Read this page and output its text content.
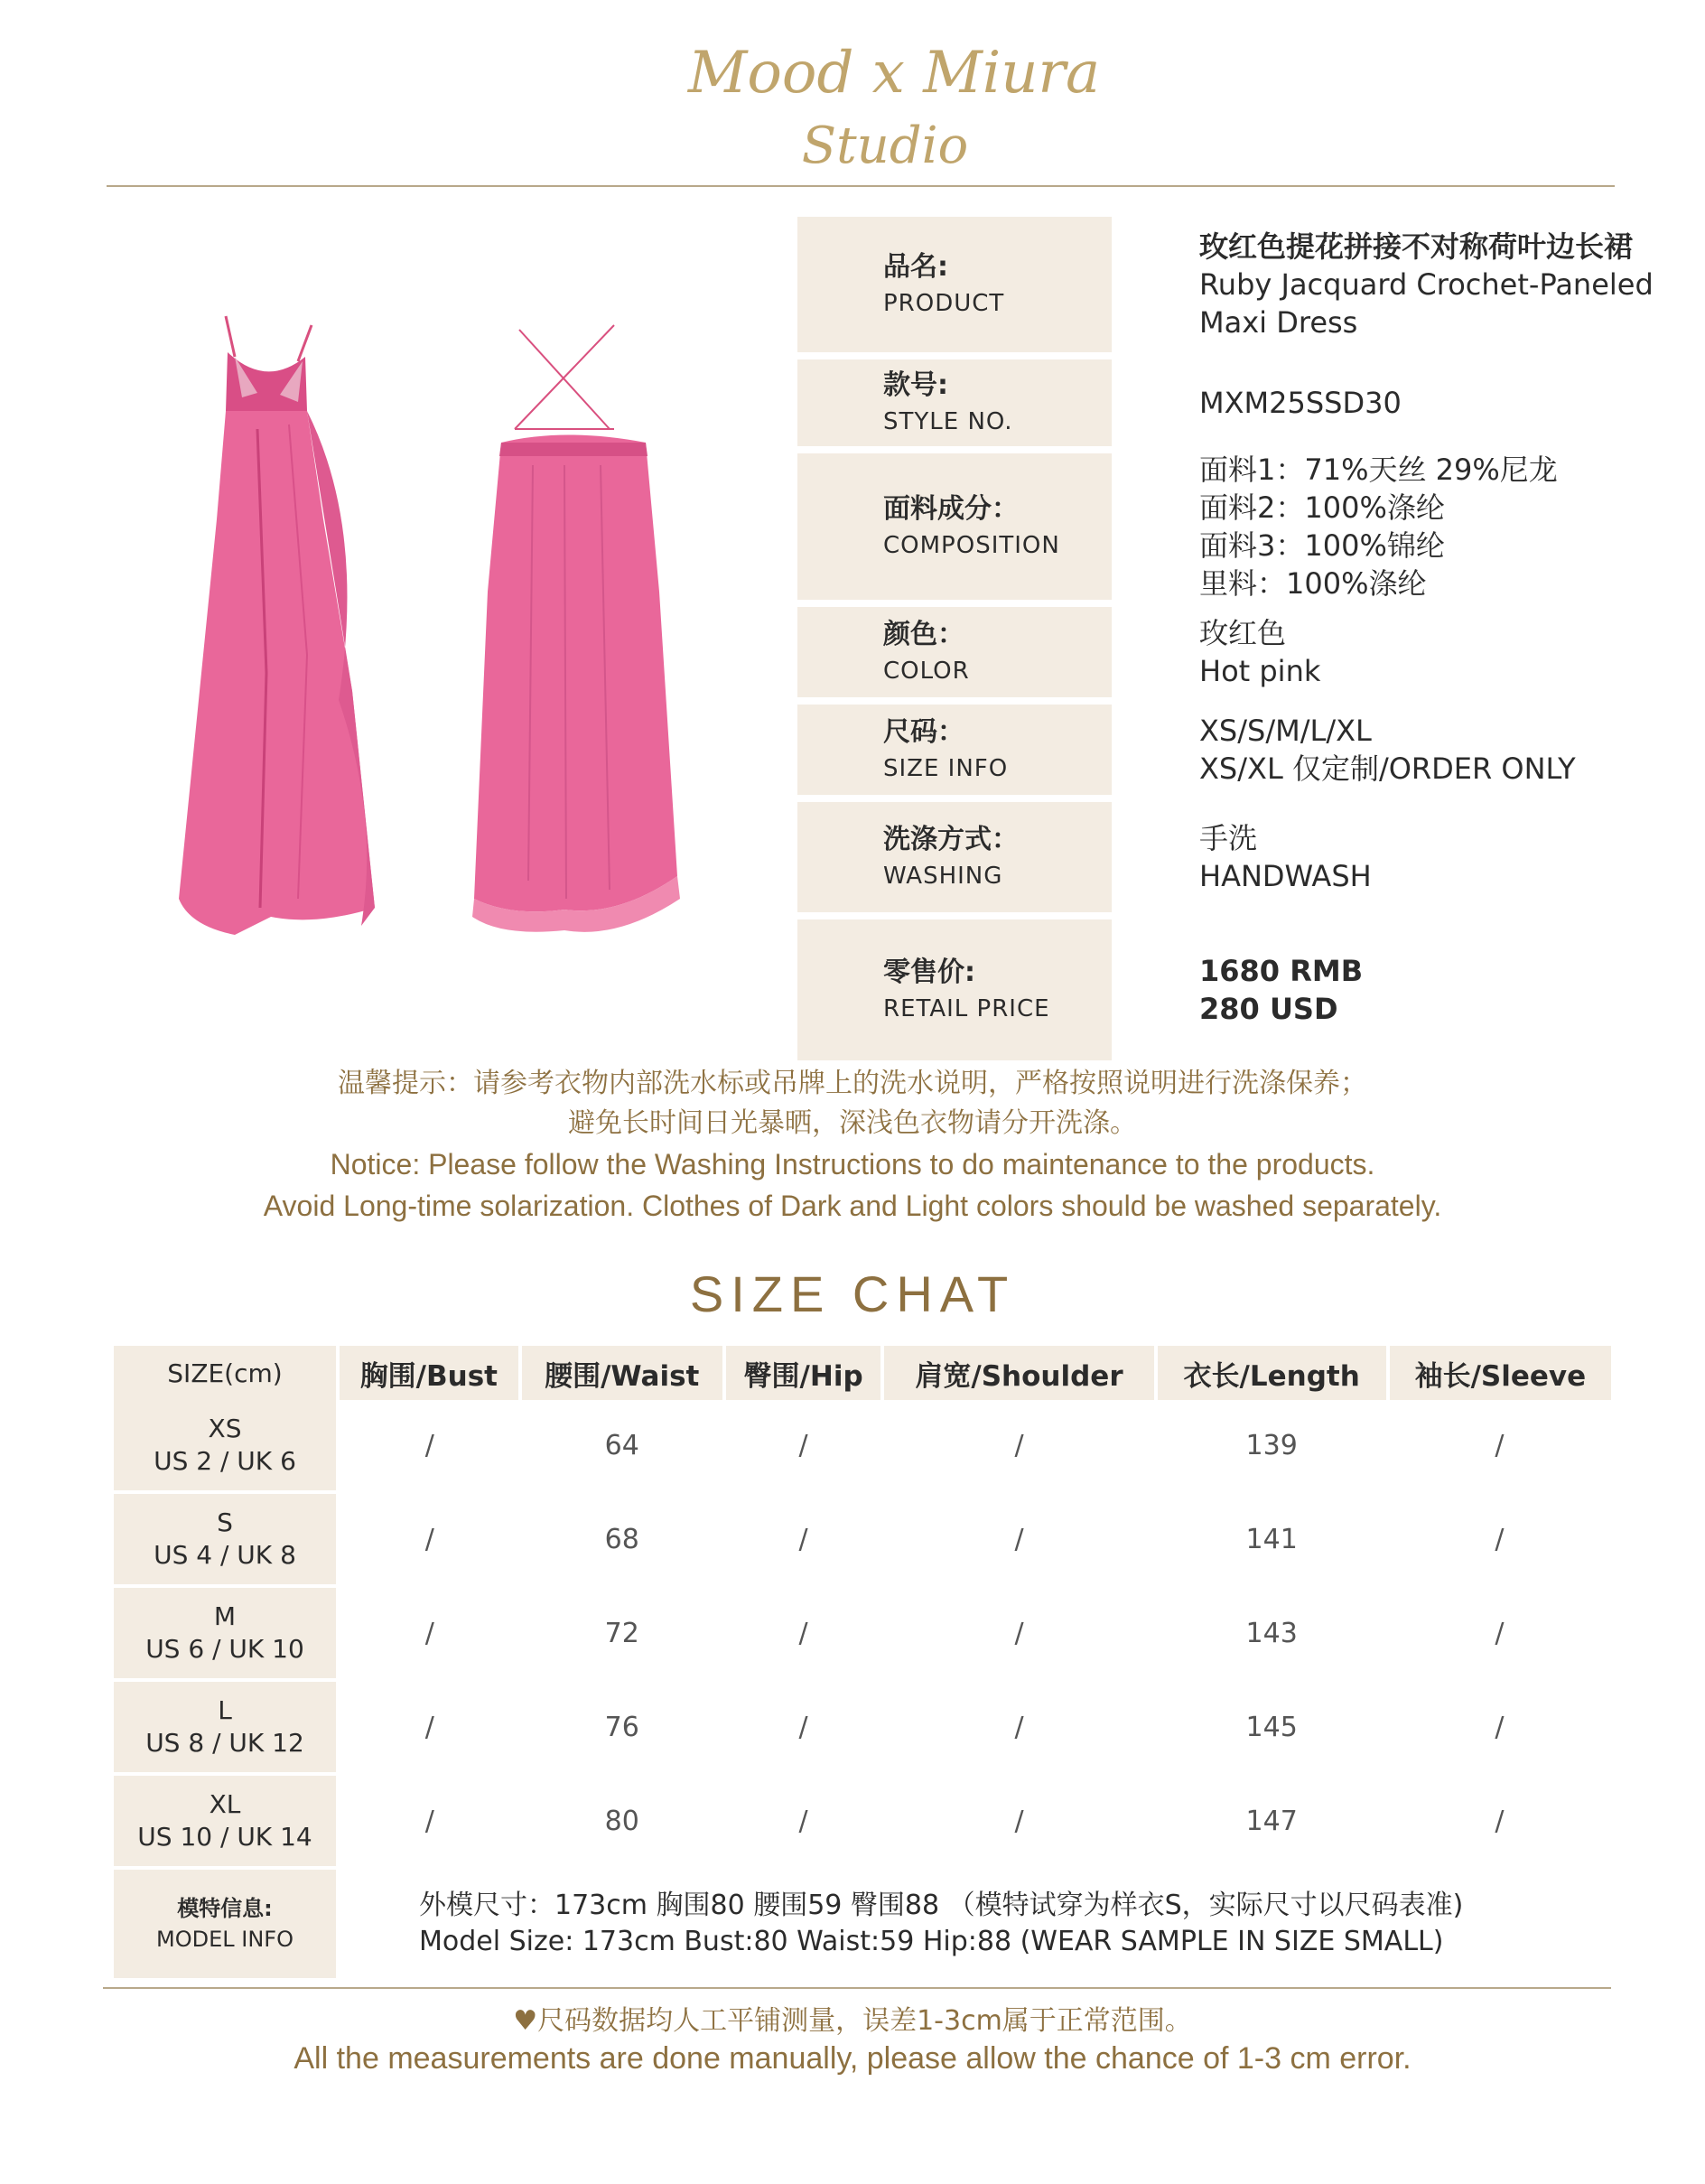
Mood x Miura
Studio
品名:
PRODUCT
玫红色提花拼接不对称荷叶边长裙
Ruby Jacquard Crochet-Paneled
Maxi Dress
款号:
STYLE NO.
MXM25SSD30
面料成分：
COMPOSITION
面料1：71%天丝 29%尼龙
面料2：100%涤纶
面料3：100%锦纶
里料：100%涤纶
颜色：
COLOR
玫红色
Hot pink
尺码：
SIZE INFO
XS/S/M/L/XL
XS/XL 仅定制/ORDER ONLY
洗涤方式：
WASHING
手洗
HANDWASH
零售价:
RETAIL PRICE
1680 RMB
280 USD
温馨提示：请参考衣物内部洗水标或吊牌上的洗水说明，严格按照说明进行洗涤保养；
避免长时间日光暴晒，深浅色衣物请分开洗涤。
Notice: Please follow the Washing Instructions to do maintenance to the products.
Avoid Long-time solarization. Clothes of Dark and Light colors should be washed separately.
SIZE CHAT
SIZE(cm)	胸围/Bust	腰围/Waist	臀围/Hip	肩宽/Shoulder	衣长/Length	袖长/Sleeve

XS
US 2 / UK 6	/	64	/	/	139	/

S
US 4 / UK 8	/	68	/	/	141	/

M
US 6 / UK 10	/	72	/	/	143	/

L
US 8 / UK 12	/	76	/	/	145	/

XL
US 10 / UK 14	/	80	/	/	147	/

模特信息:
MODEL INFO	外模尺寸：173cm 胸围80 腰围59 臀围88 （模特试穿为样衣S，实际尺寸以尺码表准)
Model Size: 173cm Bust:80 Waist:59 Hip:88 (WEAR SAMPLE IN SIZE SMALL)					
♥尺码数据均人工平铺测量，误差1-3cm属于正常范围。
All the measurements are done manually, please allow the chance of 1-3 cm error.
